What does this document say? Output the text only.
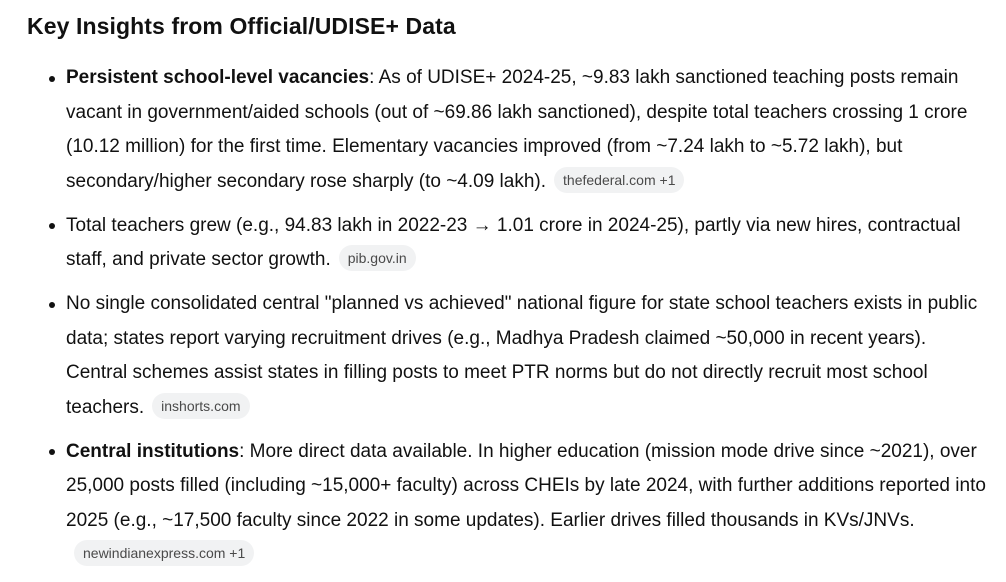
Key Insights from Official/UDISE+ Data
Persistent school-level vacancies: As of UDISE+ 2024-25, ~9.83 lakh sanctioned teaching posts remain vacant in government/aided schools (out of ~69.86 lakh sanctioned), despite total teachers crossing 1 crore (10.12 million) for the first time. Elementary vacancies improved (from ~7.24 lakh to ~5.72 lakh), but secondary/higher secondary rose sharply (to ~4.09 lakh). thefederal.com +1
Total teachers grew (e.g., 94.83 lakh in 2022-23 → 1.01 crore in 2024-25), partly via new hires, contractual staff, and private sector growth. pib.gov.in
No single consolidated central "planned vs achieved" national figure for state school teachers exists in public data; states report varying recruitment drives (e.g., Madhya Pradesh claimed ~50,000 in recent years). Central schemes assist states in filling posts to meet PTR norms but do not directly recruit most school teachers. inshorts.com
Central institutions: More direct data available. In higher education (mission mode drive since ~2021), over 25,000 posts filled (including ~15,000+ faculty) across CHEIs by late 2024, with further additions reported into 2025 (e.g., ~17,500 faculty since 2022 in some updates). Earlier drives filled thousands in KVs/JNVs.newindianexpress.com +1
